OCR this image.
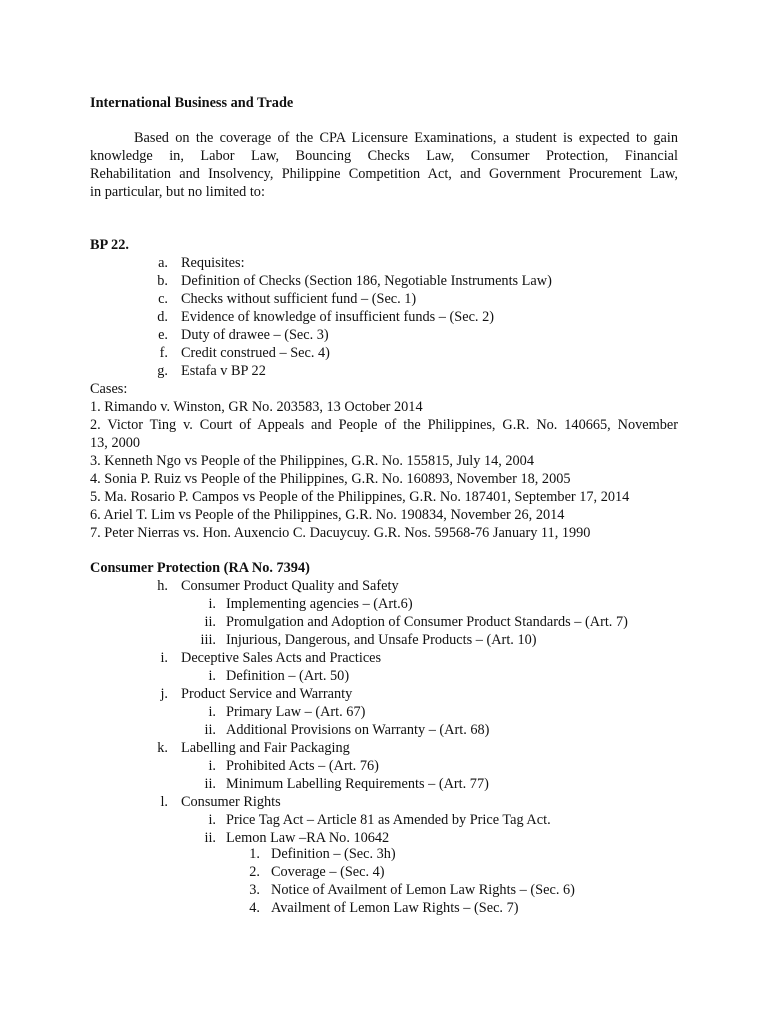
International Business and Trade
Based on the coverage of the CPA Licensure Examinations, a student is expected to gain
knowledge in, Labor Law, Bouncing Checks Law, Consumer Protection, Financial
Rehabilitation and Insolvency, Philippine Competition Act, and Government Procurement Law,
in particular, but no limited to:
BP 22.
a. Requisites:
b. Definition of Checks (Section 186, Negotiable Instruments Law)
c. Checks without sufficient fund – (Sec. 1)
d. Evidence of knowledge of insufficient funds – (Sec. 2)
e. Duty of drawee – (Sec. 3)
f. Credit construed – Sec. 4)
g. Estafa v BP 22
Cases:
1. Rimando v. Winston, GR No. 203583, 13 October 2014
2. Victor Ting v. Court of Appeals and People of the Philippines, G.R. No. 140665, November
13, 2000
3. Kenneth Ngo vs People of the Philippines, G.R. No. 155815, July 14, 2004
4. Sonia P. Ruiz vs People of the Philippines, G.R. No. 160893, November 18, 2005
5. Ma. Rosario P. Campos vs People of the Philippines, G.R. No. 187401, September 17, 2014
6. Ariel T. Lim vs People of the Philippines, G.R. No. 190834, November 26, 2014
7. Peter Nierras vs. Hon. Auxencio C. Dacuycuy. G.R. Nos. 59568-76 January 11, 1990
Consumer Protection (RA No. 7394)
h. Consumer Product Quality and Safety
i. Implementing agencies – (Art.6)
ii. Promulgation and Adoption of Consumer Product Standards – (Art. 7)
iii. Injurious, Dangerous, and Unsafe Products – (Art. 10)
i. Deceptive Sales Acts and Practices
i. Definition – (Art. 50)
j. Product Service and Warranty
i. Primary Law – (Art. 67)
ii. Additional Provisions on Warranty – (Art. 68)
k. Labelling and Fair Packaging
i. Prohibited Acts – (Art. 76)
ii. Minimum Labelling Requirements – (Art. 77)
l. Consumer Rights
i. Price Tag Act – Article 81 as Amended by Price Tag Act.
ii. Lemon Law –RA No. 10642
1. Definition – (Sec. 3h)
2. Coverage – (Sec. 4)
3. Notice of Availment of Lemon Law Rights – (Sec. 6)
4. Availment of Lemon Law Rights – (Sec. 7)
